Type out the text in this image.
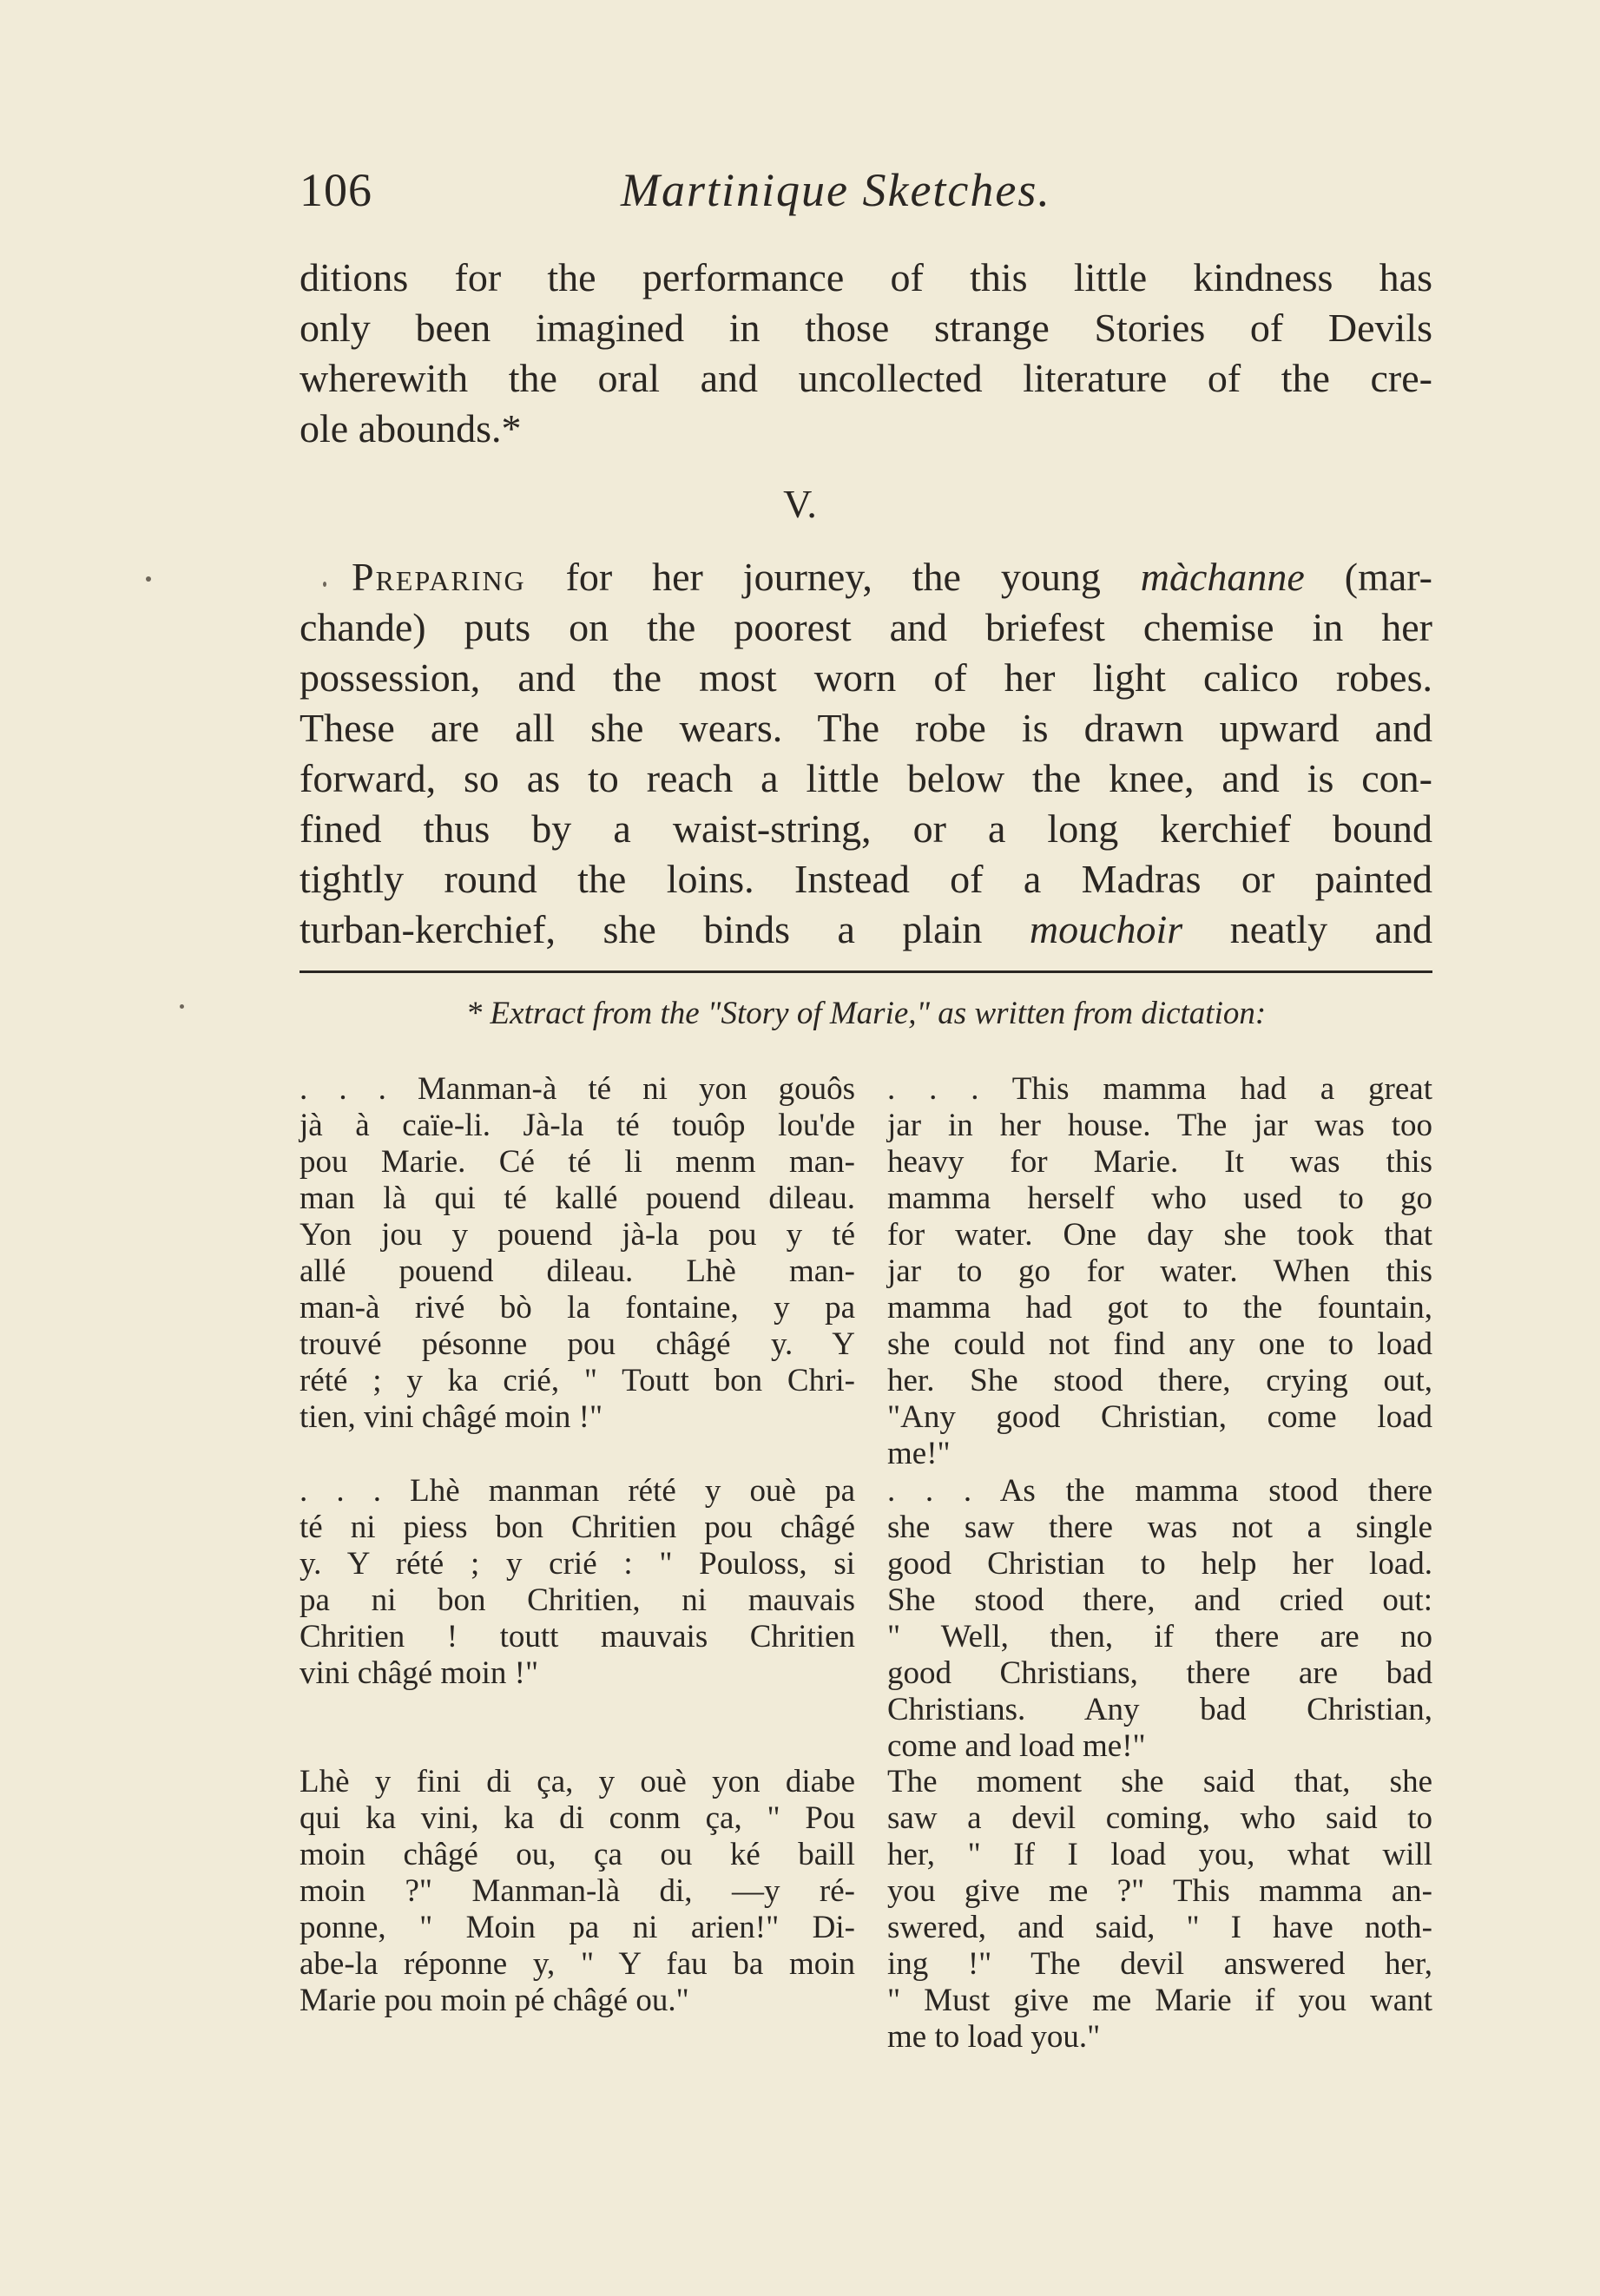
106	Martinique Sketches.
ditions for the performance of this little kindness has
only been imagined in those strange Stories of Devils
wherewith the oral and uncollected literature of the cre-
ole abounds.*
V.
Preparing for her journey, the young màchanne (mar-
chande) puts on the poorest and briefest chemise in her
possession, and the most worn of her light calico robes.
These are all she wears. The robe is drawn upward and
forward, so as to reach a little below the knee, and is con-
fined thus by a waist-string, or a long kerchief bound
tightly round the loins. Instead of a Madras or painted
turban-kerchief, she binds a plain mouchoir neatly and
* Extract from the "Story of Marie," as written from dictation:
. . . Manman-à té ni yon gouôs
jà à caïe-li. Jà-la té touôp lou'de
pou Marie. Cé té li menm man-
man là qui té kallé pouend dileau.
Yon jou y pouend jà-la pou y té
allé pouend dileau. Lhè man-
man-à rivé bò la fontaine, y pa
trouvé pésonne pou châgé y. Y
rété ; y ka crié, " Toutt bon Chri-
tien, vini châgé moin !"
. . . Lhè manman rété y ouè pa
té ni piess bon Chritien pou châgé
y. Y rété ; y crié : " Pouloss, si
pa ni bon Chritien, ni mauvais
Chritien ! toutt mauvais Chritien
vini châgé moin !"
Lhè y fini di ça, y ouè yon diabe
qui ka vini, ka di conm ça, " Pou
moin châgé ou, ça ou ké baill
moin ?" Manman-là di, —y ré-
ponne, " Moin pa ni arien!" Di-
abe-la réponne y, " Y fau ba moin
Marie pou moin pé châgé ou."
. . . This mamma had a great
jar in her house. The jar was too
heavy for Marie. It was this
mamma herself who used to go
for water. One day she took that
jar to go for water. When this
mamma had got to the fountain,
she could not find any one to load
her. She stood there, crying out,
"Any good Christian, come load
me!"
. . . As the mamma stood there
she saw there was not a single
good Christian to help her load.
She stood there, and cried out:
" Well, then, if there are no
good Christians, there are bad
Christians. Any bad Christian,
come and load me!"
The moment she said that, she
saw a devil coming, who said to
her, " If I load you, what will
you give me ?" This mamma an-
swered, and said, " I have noth-
ing !" The devil answered her,
" Must give me Marie if you want
me to load you."
